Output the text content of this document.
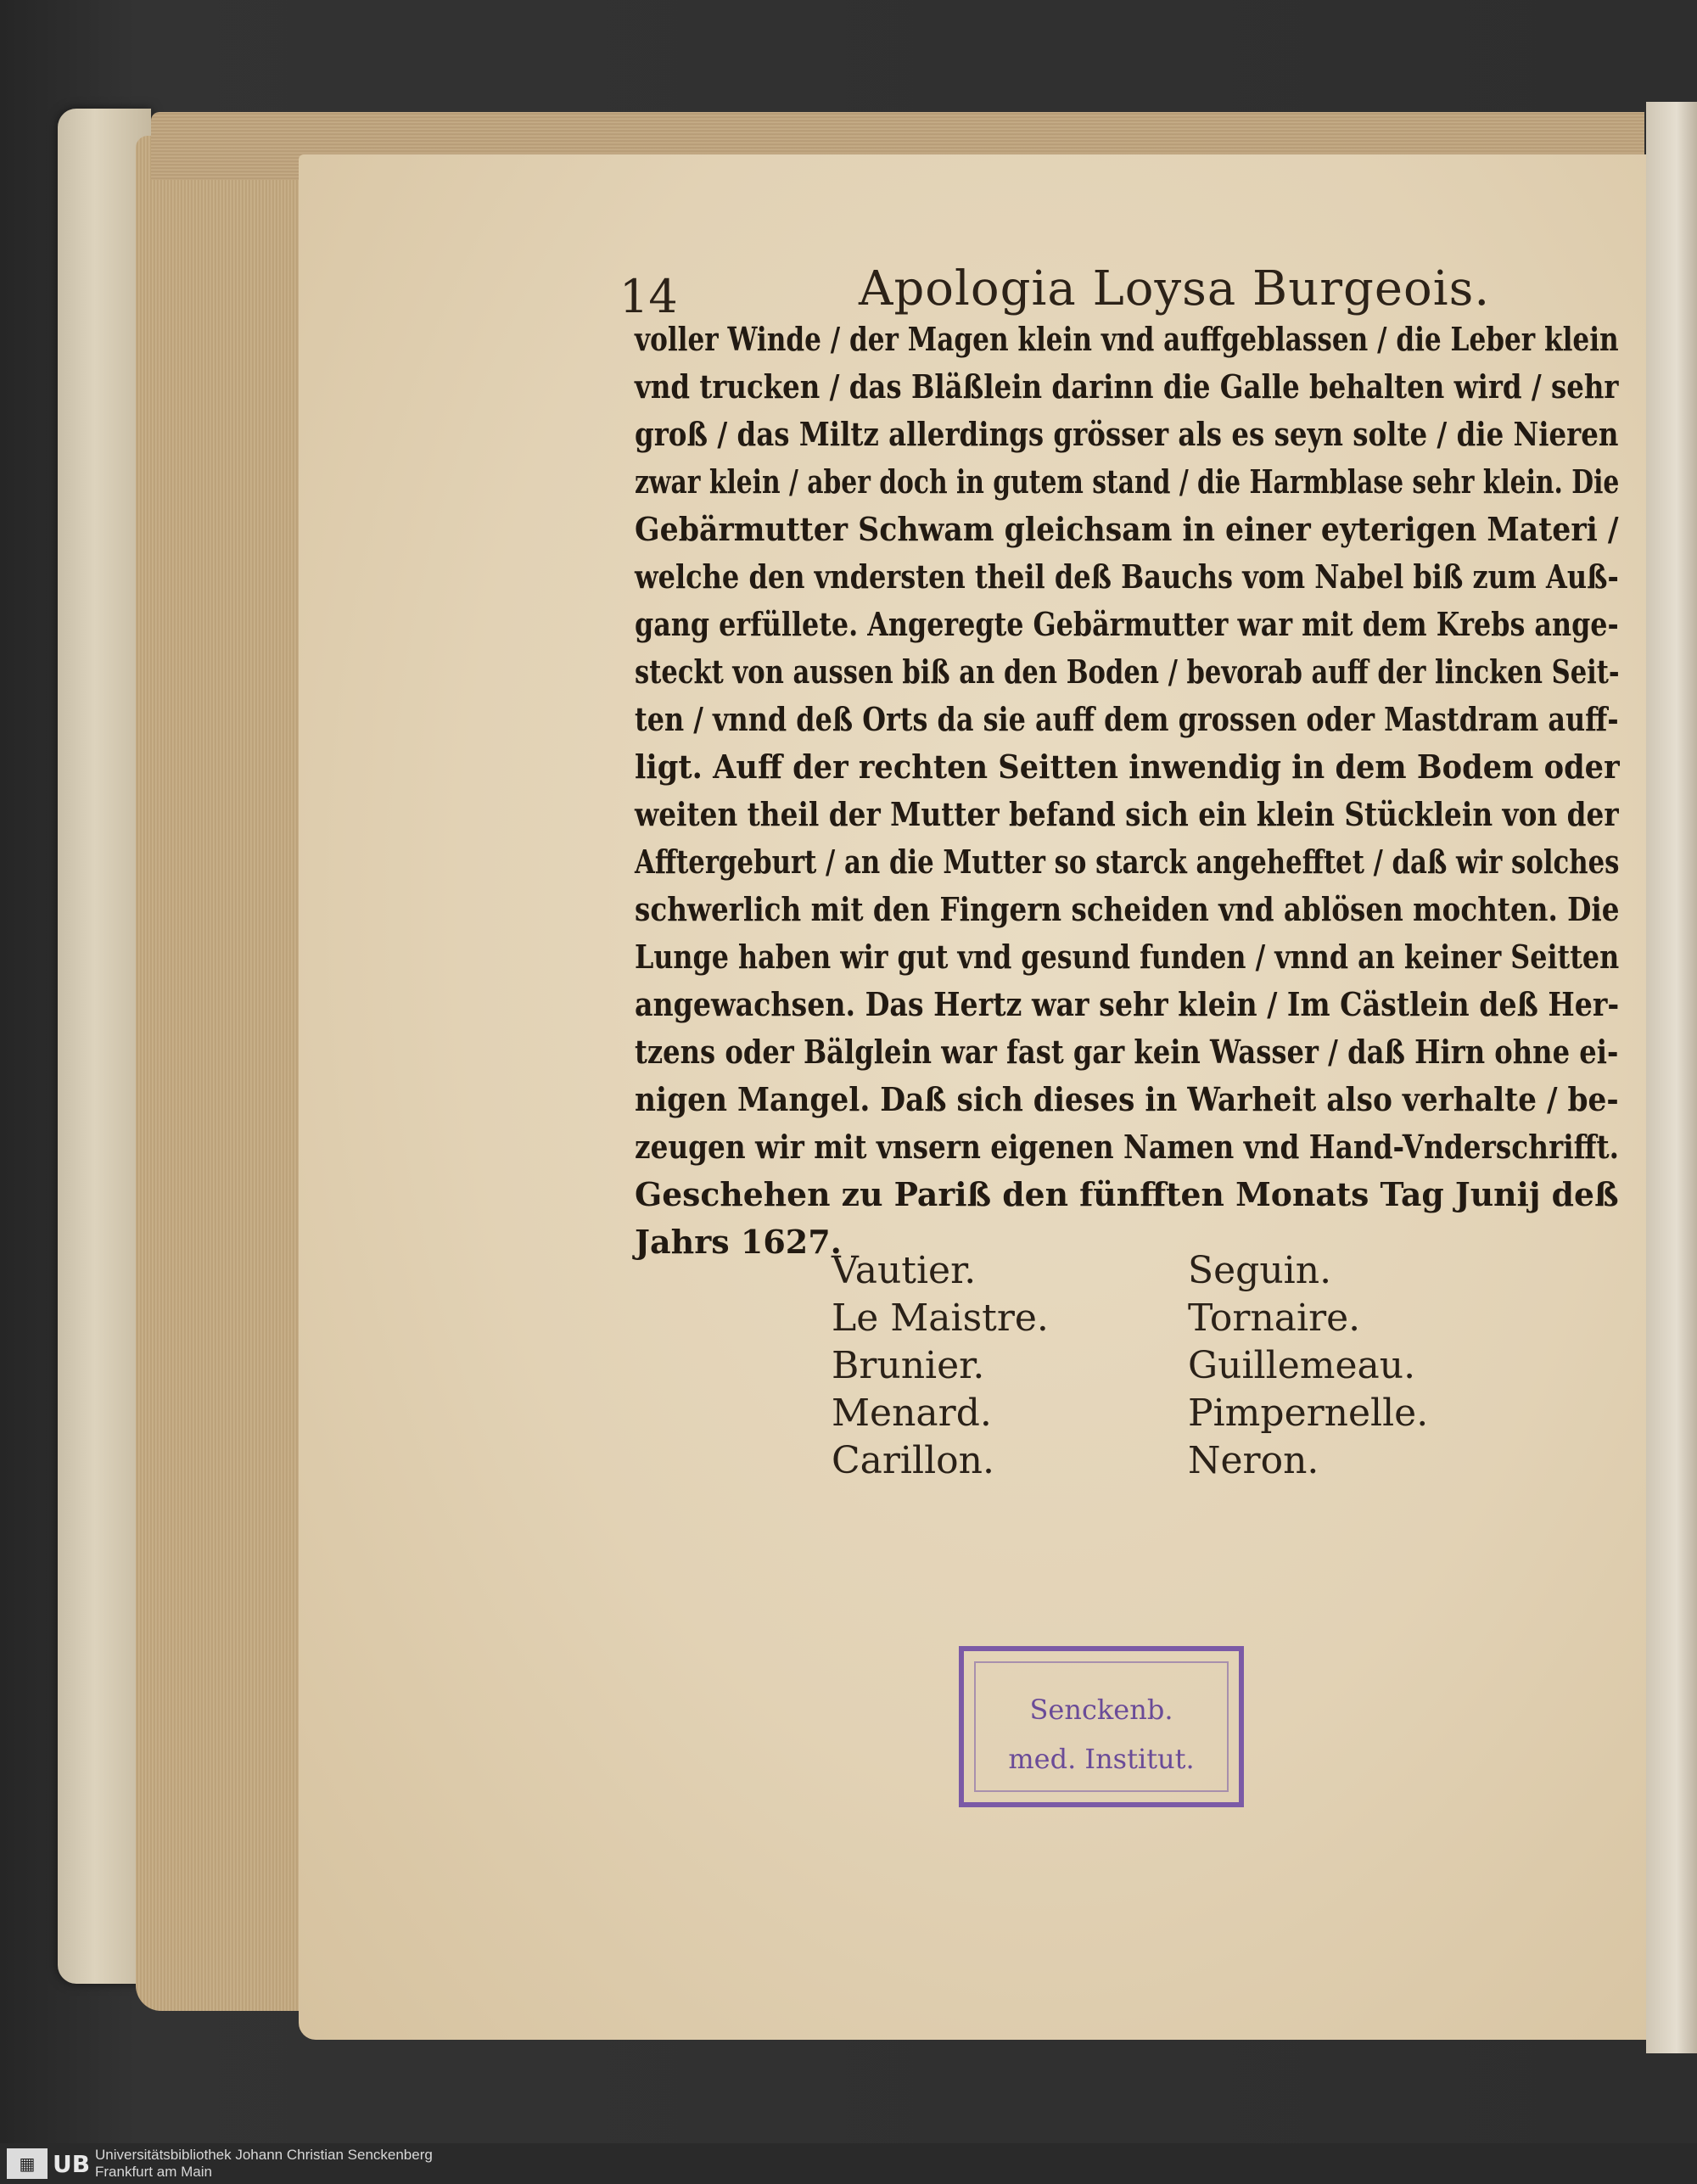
14	Apologia Loysa Burgeois.
voller Winde / der Magen klein vnd auffgeblassen / die Leber klein
vnd trucken / das Bläßlein darinn die Galle behalten wird / sehr
groß / das Miltz allerdings grösser als es seyn solte / die Nieren
zwar klein / aber doch in gutem stand / die Harmblase sehr klein. Die
Gebärmutter Schwam gleichsam in einer eyterigen Materi /
welche den vndersten theil deß Bauchs vom Nabel biß zum Auß-
gang erfüllete. Angeregte Gebärmutter war mit dem Krebs ange-
steckt von aussen biß an den Boden / bevorab auff der lincken Seit-
ten / vnnd deß Orts da sie auff dem grossen oder Mastdram auff-
ligt. Auff der rechten Seitten inwendig in dem Bodem oder
weiten theil der Mutter befand sich ein klein Stücklein von der
Afftergeburt / an die Mutter so starck angehefftet / daß wir solches
schwerlich mit den Fingern scheiden vnd ablösen mochten. Die
Lunge haben wir gut vnd gesund funden / vnnd an keiner Seitten
angewachsen. Das Hertz war sehr klein / Im Cästlein deß Her-
tzens oder Bälglein war fast gar kein Wasser / daß Hirn ohne ei-
nigen Mangel. Daß sich dieses in Warheit also verhalte / be-
zeugen wir mit vnsern eigenen Namen vnd Hand-Vnderschrifft.
Geschehen zu Pariß den fünfften Monats Tag Junij deß
Jahrs 1627.
Vautier.
Le Maistre.
Brunier.
Menard.
Carillon.
Seguin.
Tornaire.
Guillemeau.
Pimpernelle.
Neron.
Senckenb.
med. Institut.
▦ UB Universitätsbibliothek Johann Christian Senckenberg
Frankfurt am Main
